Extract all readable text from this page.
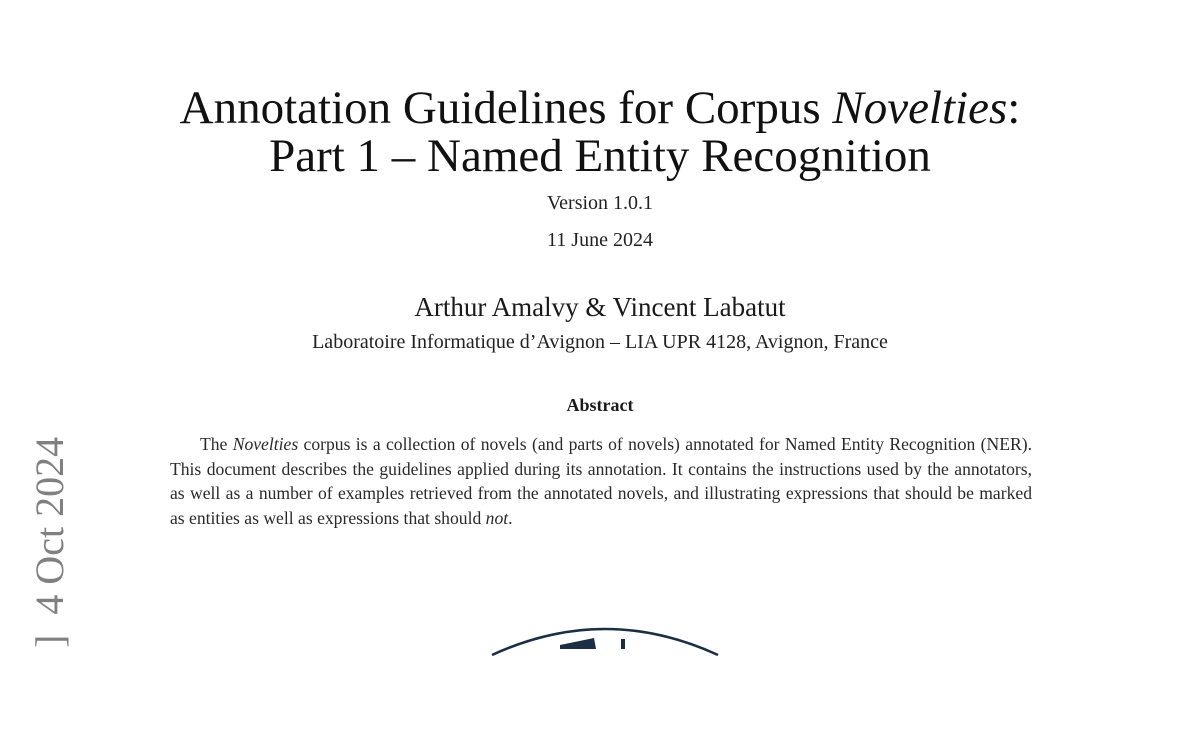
Annotation Guidelines for Corpus Novelties:
Part 1 – Named Entity Recognition
Version 1.0.1
11 June 2024
Arthur Amalvy & Vincent Labatut
Laboratoire Informatique d’Avignon – LIA UPR 4128, Avignon, France
Abstract

The Novelties corpus is a collection of novels (and parts of novels) annotated for Named Entity Recognition (NER). This document describes the guidelines applied during its annotation. It contains the instructions used by the annotators, as well as a number of examples retrieved from the annotated novels, and illustrating expressions that should be marked as entities as well as expressions that should not.

]  4 Oct 2024
